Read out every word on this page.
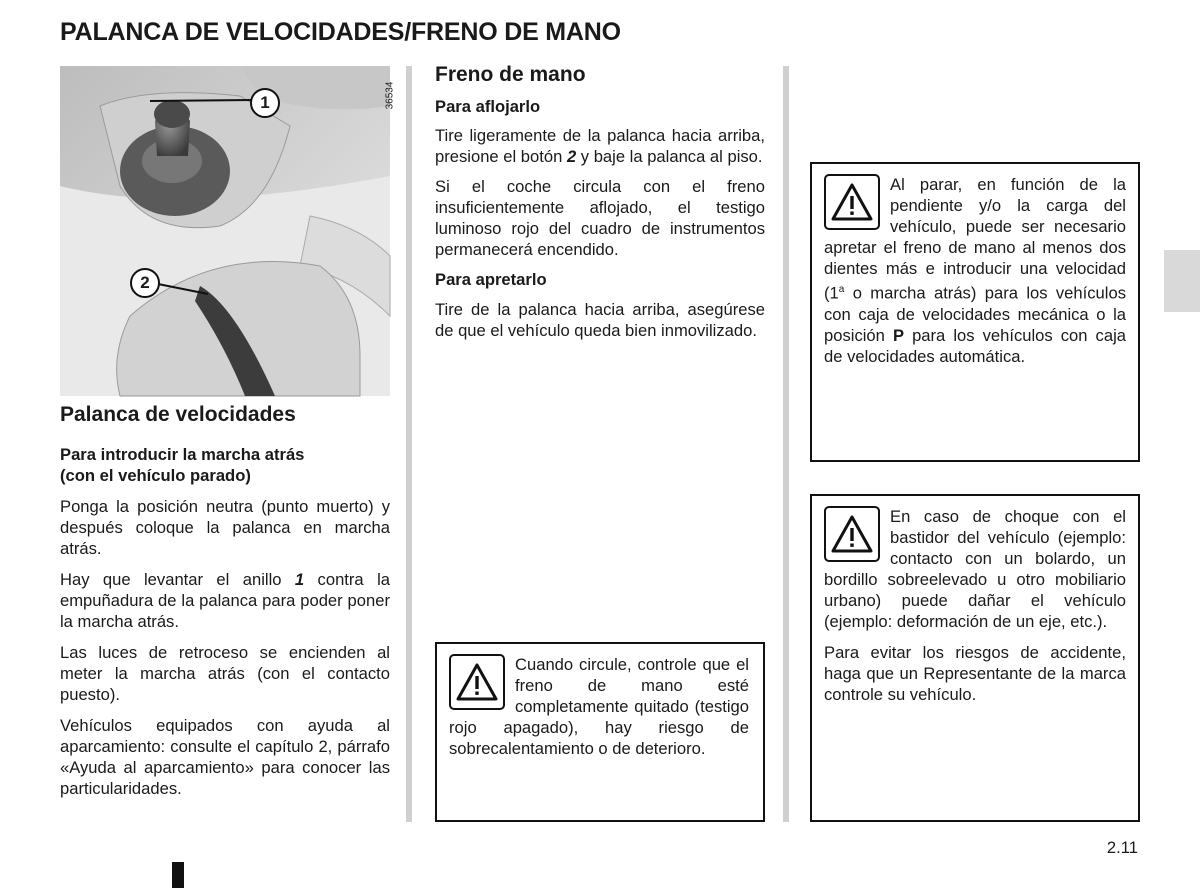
PALANCA DE VELOCIDADES/FRENO DE MANO
1
2
36534
Palanca de velocidades
Para introducir la marcha atrás
(con el vehículo parado)

Ponga la posición neutra (punto muerto) y después coloque la palanca en marcha atrás.

Hay que levantar el anillo 1 contra la empuñadura de la palanca para poder poner la marcha atrás.

Las luces de retroceso se encienden al meter la marcha atrás (con el contacto puesto).

Vehículos equipados con ayuda al aparcamiento: consulte el capítulo 2, párrafo «Ayuda al aparcamiento» para conocer las particularidades.

Freno de mano
Para aflojarlo

Tire ligeramente de la palanca hacia arriba, presione el botón 2 y baje la palanca al piso.

Si el coche circula con el freno insuficientemente aflojado, el testigo luminoso rojo del cuadro de instrumentos permanecerá encendido.

Para apretarlo

Tire de la palanca hacia arriba, asegúrese de que el vehículo queda bien inmovilizado.

Cuando circule, controle que el freno de mano esté completamente quitado (testigo rojo apagado), hay riesgo de sobrecalentamiento o de deterioro.

Al parar, en función de la pendiente y/o la carga del vehículo, puede ser necesario apretar el freno de mano al menos dos dientes más e introducir una velocidad (1$^a$ o marcha atrás) para los vehículos con caja de velocidades mecánica o la posición P para los vehículos con caja de velocidades automática.

En caso de choque con el bastidor del vehículo (ejemplo: contacto con un bolardo, un bordillo sobreelevado u otro mobiliario urbano) puede dañar el vehículo (ejemplo: deformación de un eje, etc.).

Para evitar los riesgos de accidente, haga que un Representante de la marca controle su vehículo.

2.11
